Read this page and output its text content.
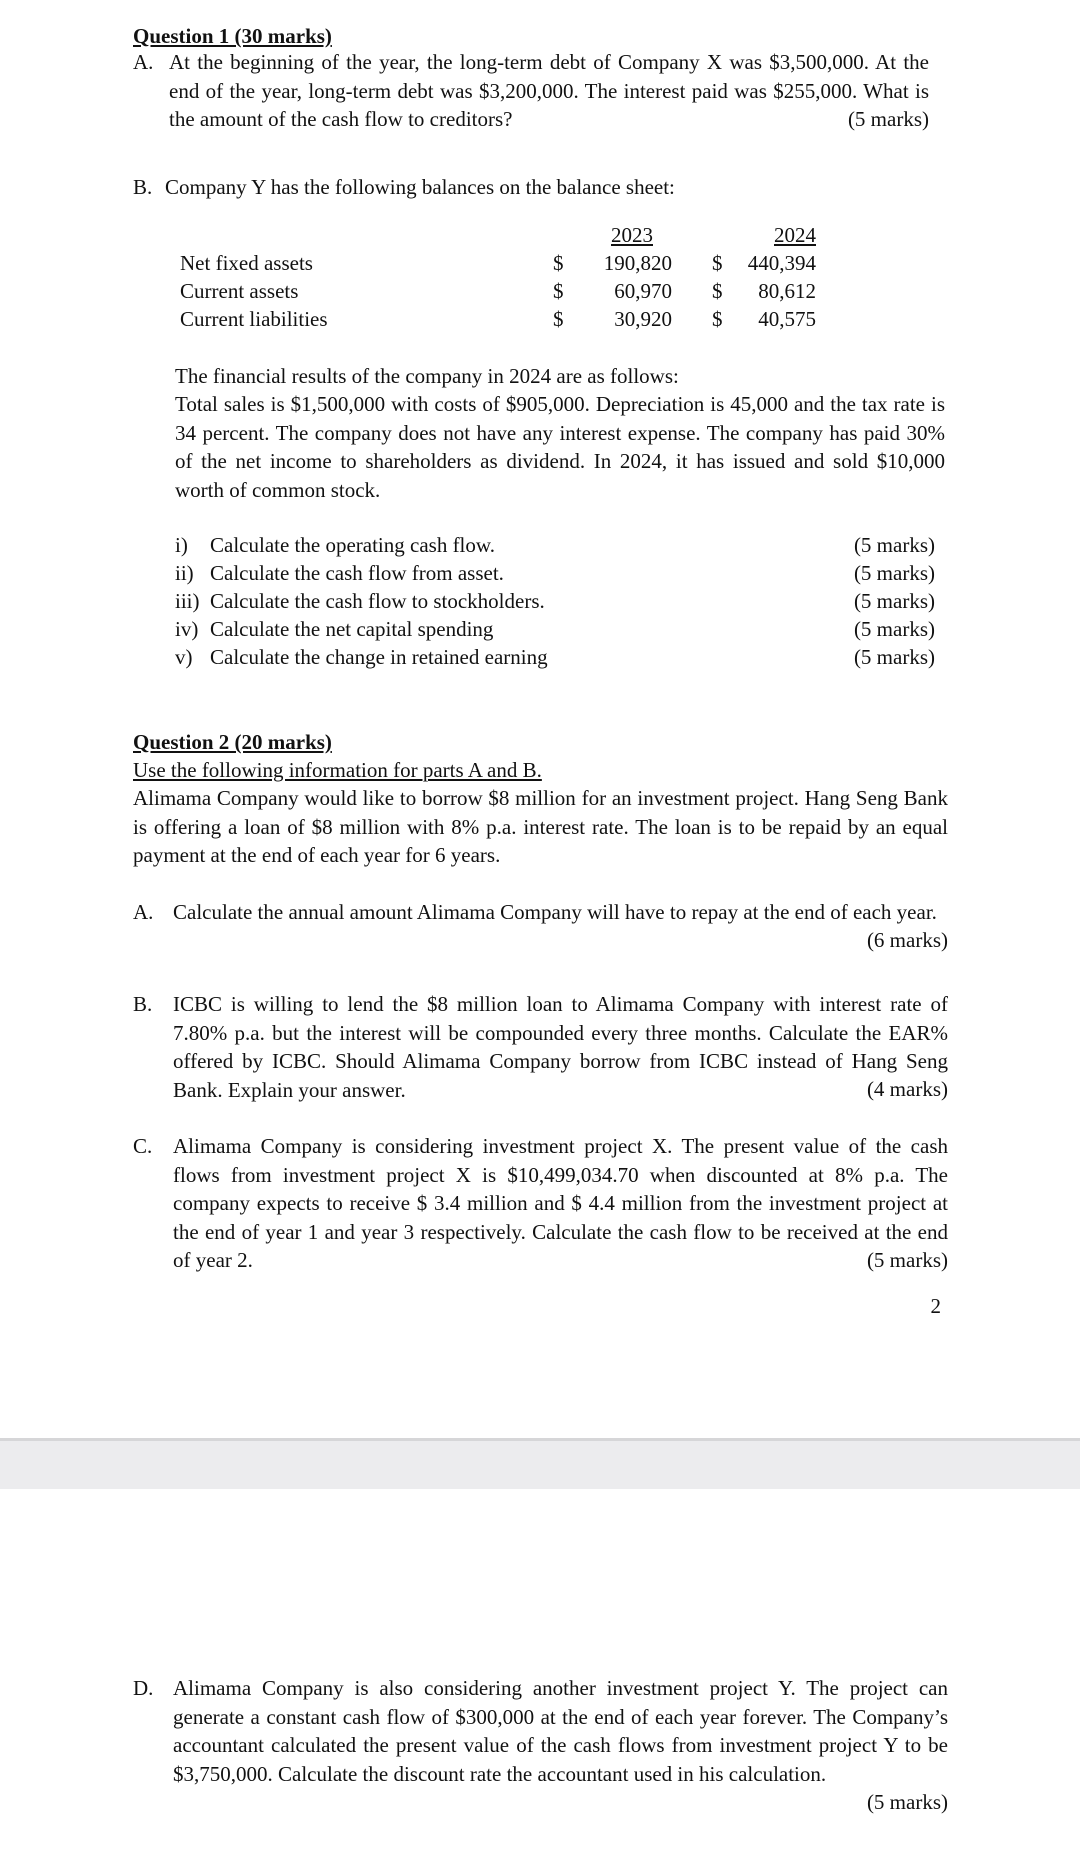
Question 1 (30 marks)
A. At the beginning of the year, the long-term debt of Company X was $3,500,000. At the end of the year, long-term debt was $3,200,000. The interest paid was $255,000. What is the amount of the cash flow to creditors?	(5 marks)
B. Company Y has the following balances on the balance sheet:
2023	2024
Net fixed assets	$	190,820 $	440,394
Current assets	$	60,970 $	80,612
Current liabilities	$	30,920 $	40,575
The financial results of the company in 2024 are as follows:
Total sales is $1,500,000 with costs of $905,000. Depreciation is 45,000 and the tax rate is 34 percent. The company does not have any interest expense. The company has paid 30% of the net income to shareholders as dividend. In 2024, it has issued and sold $10,000 worth of common stock.
i) Calculate the operating cash flow.	(5 marks)
ii) Calculate the cash flow from asset.	(5 marks)
iii) Calculate the cash flow to stockholders.	(5 marks)
iv) Calculate the net capital spending	(5 marks)
v) Calculate the change in retained earning	(5 marks)
Question 2 (20 marks)
Use the following information for parts A and B.
Alimama Company would like to borrow $8 million for an investment project. Hang Seng Bank is offering a loan of $8 million with 8% p.a. interest rate. The loan is to be repaid by an equal payment at the end of each year for 6 years.
A. Calculate the annual amount Alimama Company will have to repay at the end of each year.
(6 marks)
B. ICBC is willing to lend the $8 million loan to Alimama Company with interest rate of 7.80% p.a. but the interest will be compounded every three months. Calculate the EAR% offered by ICBC. Should Alimama Company borrow from ICBC instead of Hang Seng Bank. Explain your answer.	(4 marks)
C. Alimama Company is considering investment project X. The present value of the cash flows from investment project X is $10,499,034.70 when discounted at 8% p.a. The company expects to receive $ 3.4 million and $ 4.4 million from the investment project at the end of year 1 and year 3 respectively. Calculate the cash flow to be received at the end of year 2.	(5 marks)
2
D. Alimama Company is also considering another investment project Y. The project can generate a constant cash flow of $300,000 at the end of each year forever. The Company’s accountant calculated the present value of the cash flows from investment project Y to be $3,750,000. Calculate the discount rate the accountant used in his calculation.
(5 marks)
